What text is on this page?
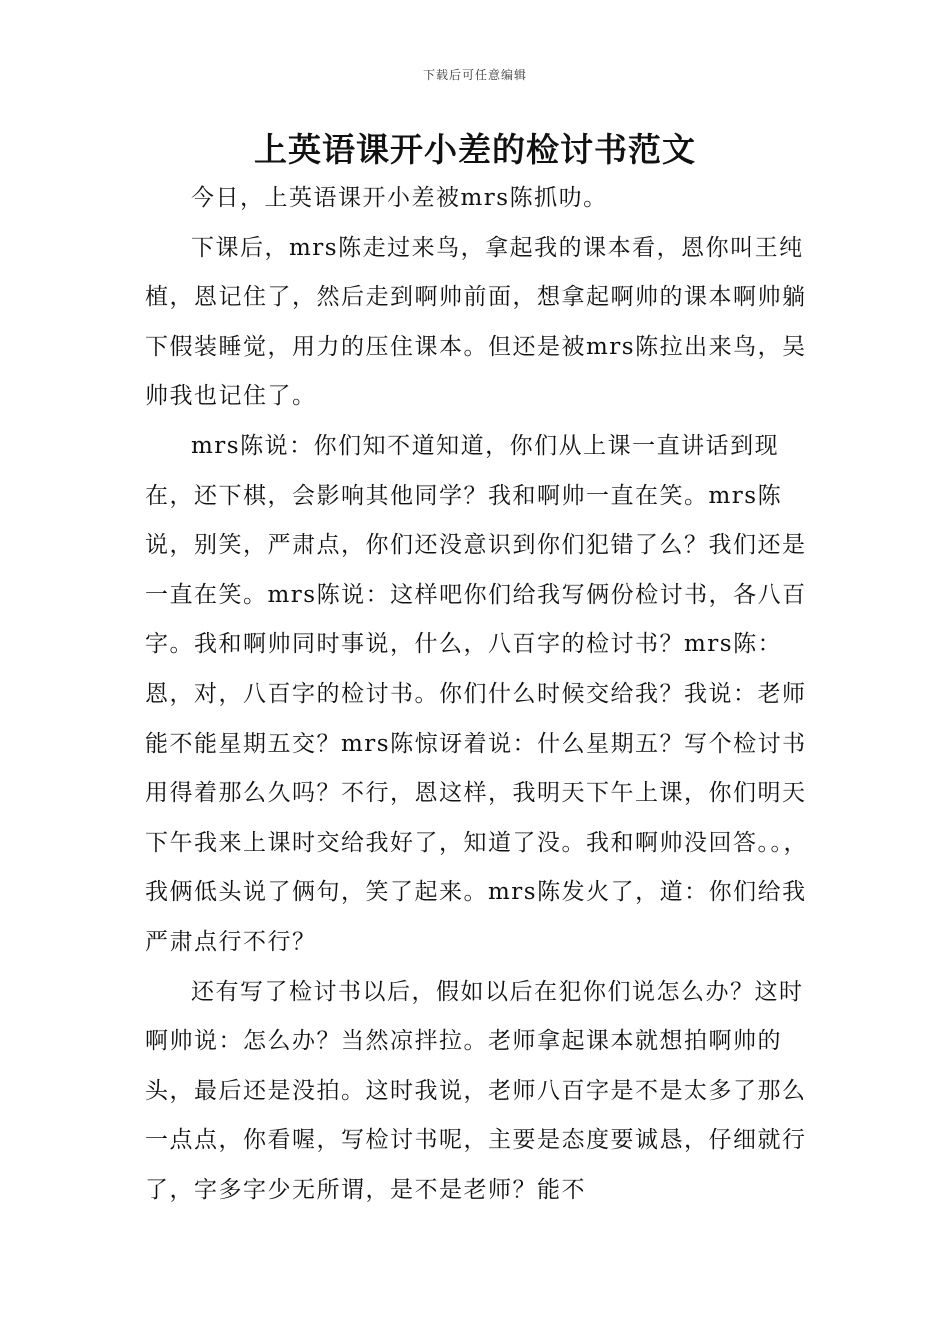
下载后可任意编辑
上英语课开小差的检讨书范文

今日，上英语课开小差被mrs陈抓叻。

下课后，mrs陈走过来鸟，拿起我的课本看，恩你叫王纯植，恩记住了，然后走到啊帅前面，想拿起啊帅的课本啊帅躺下假装睡觉，用力的压住课本。但还是被mrs陈拉出来鸟，吴帅我也记住了。

mrs陈说：你们知不道知道，你们从上课一直讲话到现在，还下棋，会影响其他同学？我和啊帅一直在笑。mrs陈说，别笑，严肃点，你们还没意识到你们犯错了么？我们还是一直在笑。mrs陈说：这样吧你们给我写俩份检讨书，各八百字。我和啊帅同时事说，什么，八百字的检讨书？mrs陈：恩，对，八百字的检讨书。你们什么时候交给我？我说：老师能不能星期五交？mrs陈惊讶着说：什么星期五？写个检讨书用得着那么久吗？不行，恩这样，我明天下午上课，你们明天下午我来上课时交给我好了，知道了没。我和啊帅没回答。。，我俩低头说了俩句，笑了起来。mrs陈发火了，道：你们给我严肃点行不行？

还有写了检讨书以后，假如以后在犯你们说怎么办？这时啊帅说：怎么办？当然凉拌拉。老师拿起课本就想拍啊帅的头，最后还是没拍。这时我说，老师八百字是不是太多了那么一点点，你看喔，写检讨书呢，主要是态度要诚恳，仔细就行了，字多字少无所谓，是不是老师？能不
